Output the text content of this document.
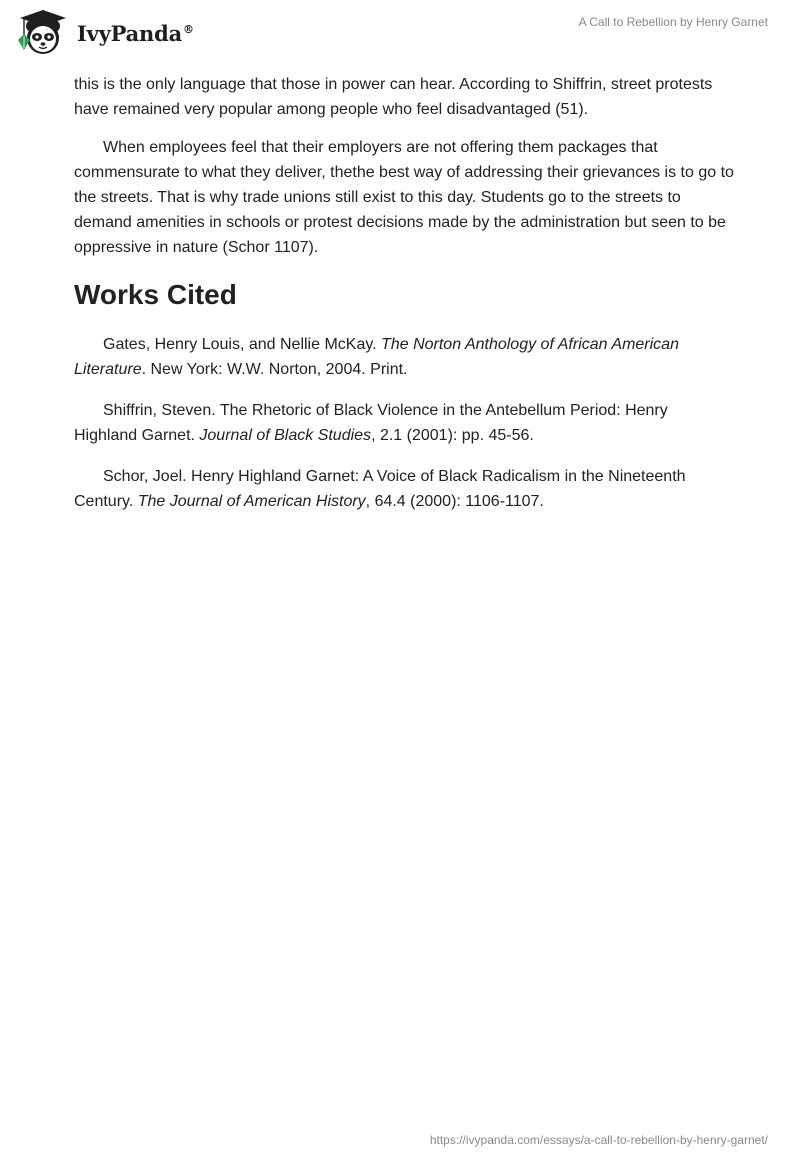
IvyPanda®	A Call to Rebellion by Henry Garnet

this is the only language that those in power can hear. According to Shiffrin, street protests have remained very popular among people who feel disadvantaged (51).

When employees feel that their employers are not offering them packages that commensurate to what they deliver, thethe best way of addressing their grievances is to go to the streets. That is why trade unions still exist to this day. Students go to the streets to demand amenities in schools or protest decisions made by the administration but seen to be oppressive in nature (Schor 1107).

Works Cited

Gates, Henry Louis, and Nellie McKay. The Norton Anthology of African American Literature. New York: W.W. Norton, 2004. Print.

Shiffrin, Steven. The Rhetoric of Black Violence in the Antebellum Period: Henry Highland Garnet. Journal of Black Studies, 2.1 (2001): pp. 45-56.

Schor, Joel. Henry Highland Garnet: A Voice of Black Radicalism in the Nineteenth Century. The Journal of American History, 64.4 (2000): 1106-1107.

https://ivypanda.com/essays/a-call-to-rebellion-by-henry-garnet/
